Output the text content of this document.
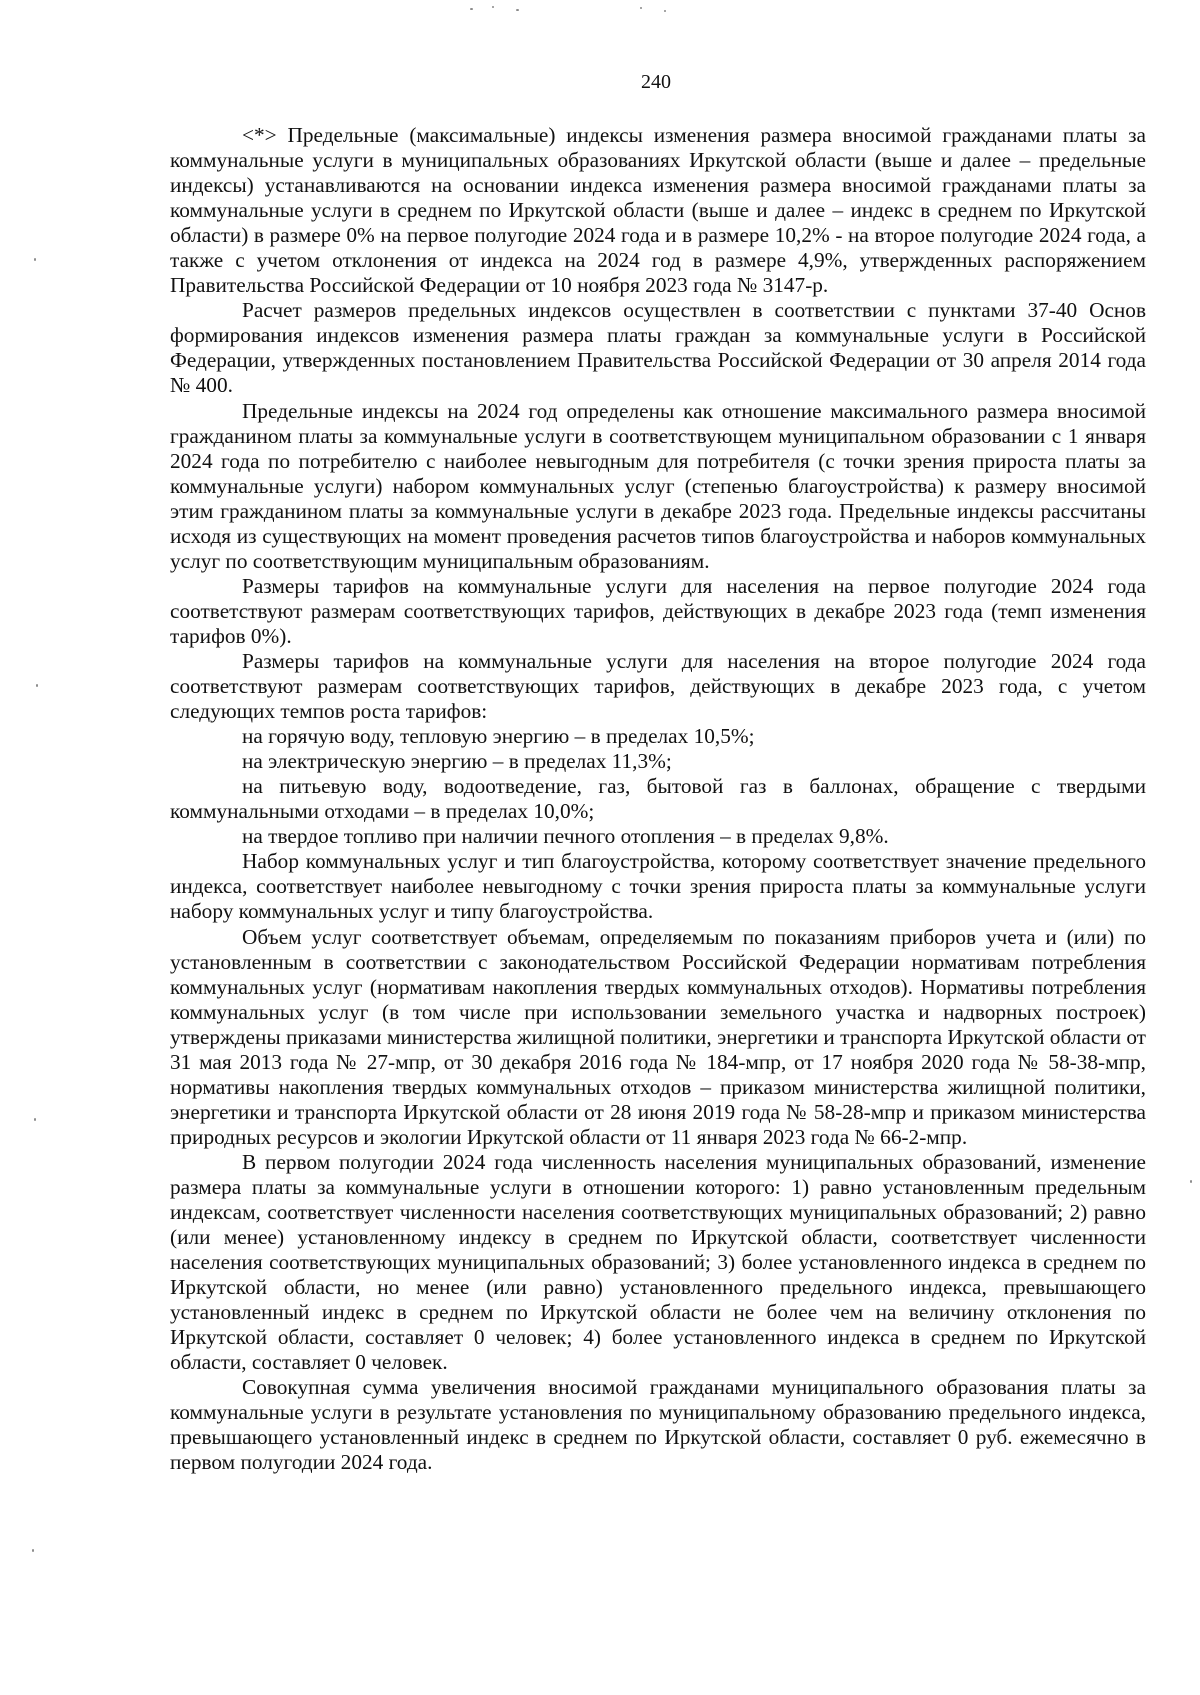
240

<*> Предельные (максимальные) индексы изменения размера вносимой гражданами платы за коммунальные услуги в муниципальных образованиях Иркутской области (выше и далее – предельные индексы) устанавливаются на основании индекса изменения размера вносимой гражданами платы за коммунальные услуги в среднем по Иркутской области (выше и далее – индекс в среднем по Иркутской области) в размере 0% на первое полугодие 2024 года и в размере 10,2% - на второе полугодие 2024 года, а также с учетом отклонения от индекса на 2024 год в размере 4,9%, утвержденных распоряжением Правительства Российской Федерации от 10 ноября 2023 года № 3147-р.

Расчет размеров предельных индексов осуществлен в соответствии с пунктами 37-40 Основ формирования индексов изменения размера платы граждан за коммунальные услуги в Российской Федерации, утвержденных постановлением Правительства Российской Федерации от 30 апреля 2014 года № 400.

Предельные индексы на 2024 год определены как отношение максимального размера вносимой гражданином платы за коммунальные услуги в соответствующем муниципальном образовании с 1 января 2024 года по потребителю с наиболее невыгодным для потребителя (с точки зрения прироста платы за коммунальные услуги) набором коммунальных услуг (степенью благоустройства) к размеру вносимой этим гражданином платы за коммунальные услуги в декабре 2023 года. Предельные индексы рассчитаны исходя из существующих на момент проведения расчетов типов благоустройства и наборов коммунальных услуг по соответствующим муниципальным образованиям.

Размеры тарифов на коммунальные услуги для населения на первое полугодие 2024 года соответствуют размерам соответствующих тарифов, действующих в декабре 2023 года (темп изменения тарифов 0%).

Размеры тарифов на коммунальные услуги для населения на второе полугодие 2024 года соответствуют размерам соответствующих тарифов, действующих в декабре 2023 года, с учетом следующих темпов роста тарифов:

на горячую воду, тепловую энергию – в пределах 10,5%;

на электрическую энергию – в пределах 11,3%;

на питьевую воду, водоотведение, газ, бытовой газ в баллонах, обращение с твердыми коммунальными отходами – в пределах 10,0%;

на твердое топливо при наличии печного отопления – в пределах 9,8%.

Набор коммунальных услуг и тип благоустройства, которому соответствует значение предельного индекса, соответствует наиболее невыгодному с точки зрения прироста платы за коммунальные услуги набору коммунальных услуг и типу благоустройства.

Объем услуг соответствует объемам, определяемым по показаниям приборов учета и (или) по установленным в соответствии с законодательством Российской Федерации нормативам потребления коммунальных услуг (нормативам накопления твердых коммунальных отходов). Нормативы потребления коммунальных услуг (в том числе при использовании земельного участка и надворных построек) утверждены приказами министерства жилищной политики, энергетики и транспорта Иркутской области от 31 мая 2013 года № 27-мпр, от 30 декабря 2016 года № 184-мпр, от 17 ноября 2020 года № 58-38-мпр, нормативы накопления твердых коммунальных отходов – приказом министерства жилищной политики, энергетики и транспорта Иркутской области от 28 июня 2019 года № 58-28-мпр и приказом министерства природных ресурсов и экологии Иркутской области от 11 января 2023 года № 66-2-мпр.

В первом полугодии 2024 года численность населения муниципальных образований, изменение размера платы за коммунальные услуги в отношении которого: 1) равно установленным предельным индексам, соответствует численности населения соответствующих муниципальных образований; 2) равно (или менее) установленному индексу в среднем по Иркутской области, соответствует численности населения соответствующих муниципальных образований; 3) более установленного индекса в среднем по Иркутской области, но менее (или равно) установленного предельного индекса, превышающего установленный индекс в среднем по Иркутской области не более чем на величину отклонения по Иркутской области, составляет 0 человек; 4) более установленного индекса в среднем по Иркутской области, составляет 0 человек.

Совокупная сумма увеличения вносимой гражданами муниципального образования платы за коммунальные услуги в результате установления по муниципальному образованию предельного индекса, превышающего установленный индекс в среднем по Иркутской области, составляет 0 руб. ежемесячно в первом полугодии 2024 года.
